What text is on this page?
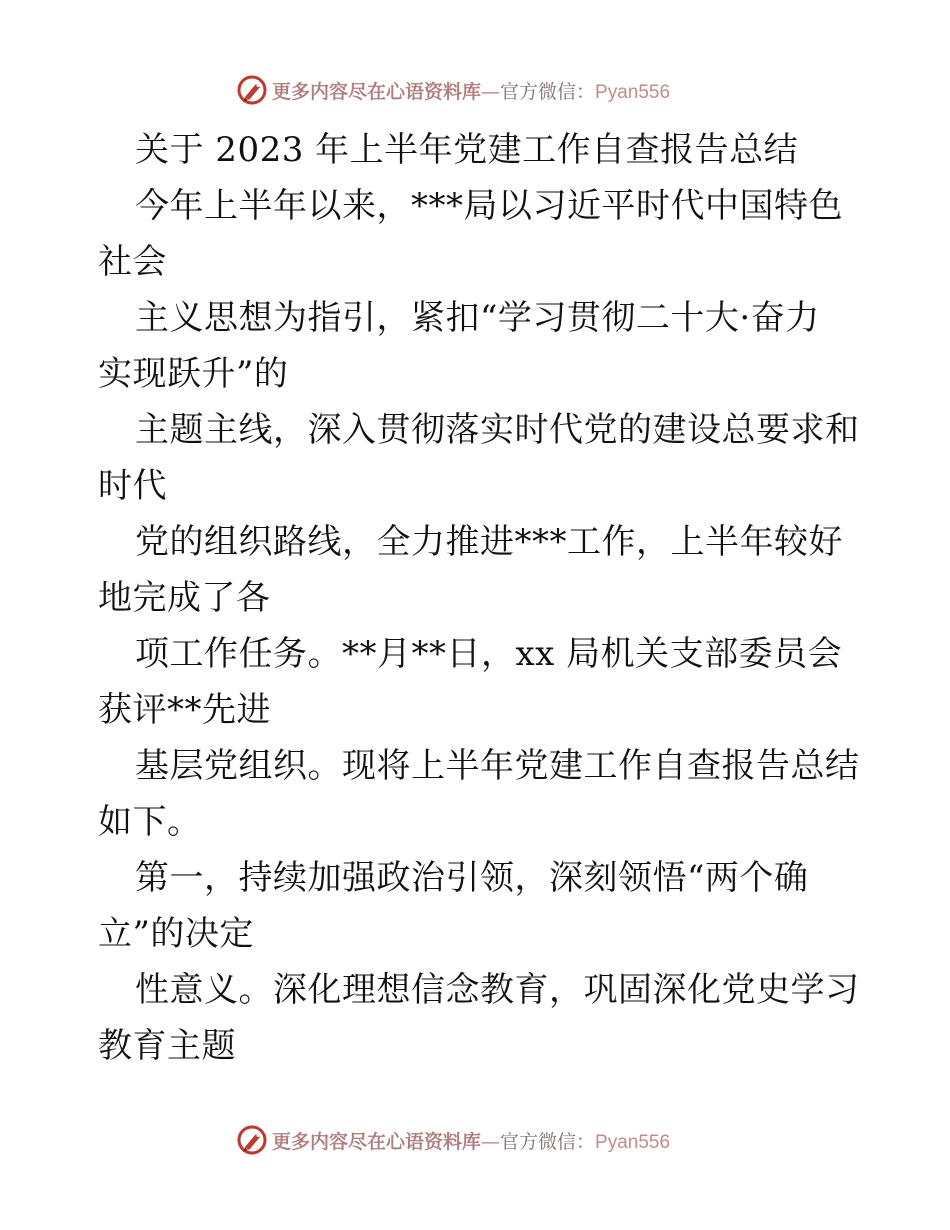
更多内容尽在心语资料库—官方微信：Pyan556
关于 2023 年上半年党建工作自查报告总结
今年上半年以来，***局以习近平时代中国特色
社会
主义思想为指引，紧扣“学习贯彻二十大·奋力
实现跃升”的
主题主线，深入贯彻落实时代党的建设总要求和
时代
党的组织路线，全力推进***工作，上半年较好
地完成了各
项工作任务。**月**日，xx 局机关支部委员会
获评**先进
基层党组织。现将上半年党建工作自查报告总结
如下。
第一，持续加强政治引领，深刻领悟“两个确
立”的决定
性意义。深化理想信念教育，巩固深化党史学习
教育主题
更多内容尽在心语资料库—官方微信：Pyan556
